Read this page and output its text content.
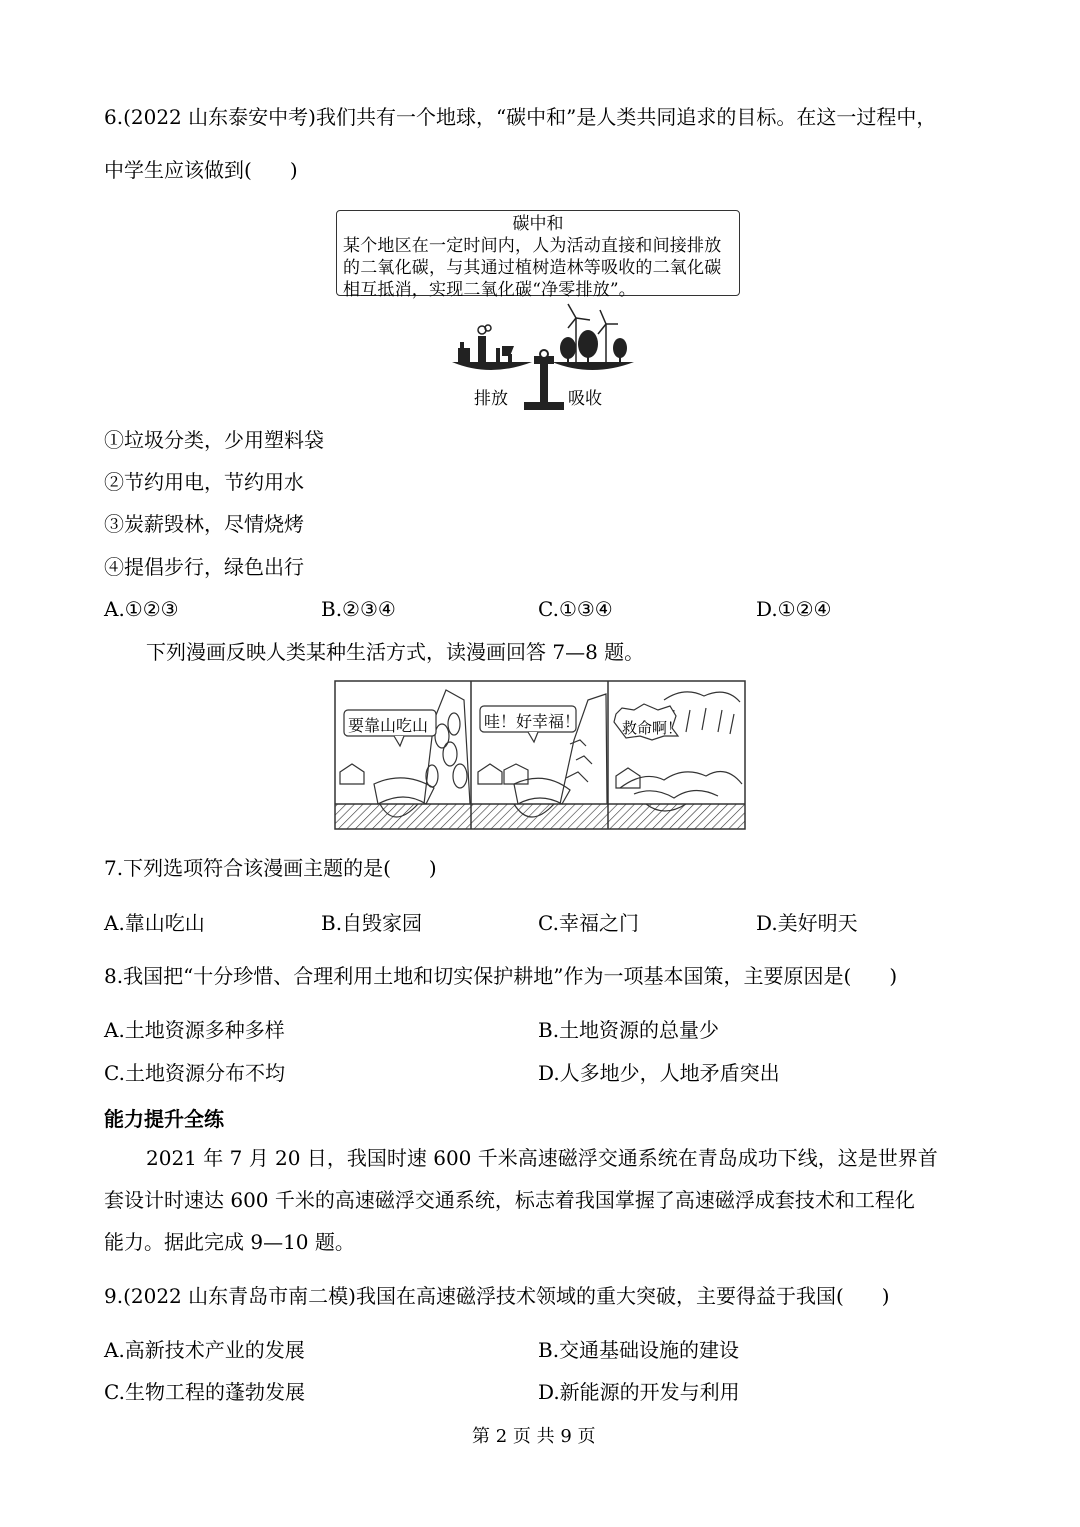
6.(2022 山东泰安中考)我们共有一个地球，“碳中和”是人类共同追求的目标。在这一过程中，
中学生应该做到( )
碳中和
某个地区在一定时间内，人为活动直接和间接排放的二氧化碳，与其通过植树造林等吸收的二氧化碳相互抵消，实现二氧化碳“净零排放”。
排放	吸收
①垃圾分类，少用塑料袋
②节约用电，节约用水
③炭薪毁林，尽情烧烤
④提倡步行，绿色出行
A.①②③	B.②③④	C.①③④	D.①②④
下列漫画反映人类某种生活方式，读漫画回答 7—8 题。
要靠山吃山	哇！好幸福！	救命啊！
7.下列选项符合该漫画主题的是( )
A.靠山吃山	B.自毁家园	C.幸福之门	D.美好明天
8.我国把“十分珍惜、合理利用土地和切实保护耕地”作为一项基本国策，主要原因是( )
A.土地资源多种多样	B.土地资源的总量少
C.土地资源分布不均	D.人多地少，人地矛盾突出
能力提升全练
2021 年 7 月 20 日，我国时速 600 千米高速磁浮交通系统在青岛成功下线，这是世界首
套设计时速达 600 千米的高速磁浮交通系统，标志着我国掌握了高速磁浮成套技术和工程化
能力。据此完成 9—10 题。
9.(2022 山东青岛市南二模)我国在高速磁浮技术领域的重大突破，主要得益于我国( )
A.高新技术产业的发展	B.交通基础设施的建设
C.生物工程的蓬勃发展	D.新能源的开发与利用
第 2 页 共 9 页
